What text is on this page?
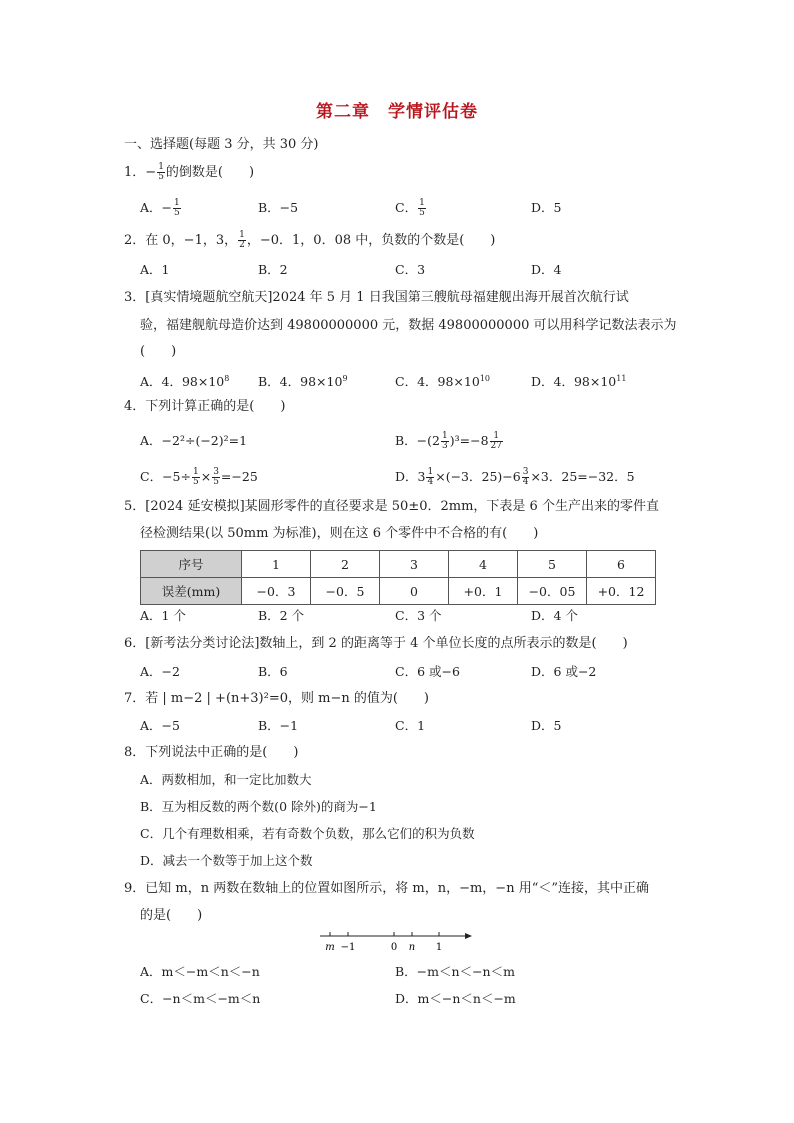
第二章　学情评估卷
一、选择题(每题 3 分，共 30 分)
1．− $\frac{1}{5}$ 的倒数是(　　)
A．− $\frac{1}{5}$	B．−5	C． $\frac{1}{5}$	D．5
2．在 0，−1，3， $\frac{1}{2}$ ，−0．1，0．08 中，负数的个数是(　　)
A．1	B．2	C．3	D．4
3．[真实情境题航空航天]2024 年 5 月 1 日我国第三艘航母福建舰出海开展首次航行试
验，福建舰航母造价达到 49800000000 元，数据 49800000000 可以用科学记数法表示为
(　　)
A．4．$98\times 10^8$ B．4．$98\times 10^9$	C．4．$98\times 10^{10}$	D．4．$98\times 10^{11}$
4．下列计算正确的是(　　)
A．−2²÷(−2)²=1	B．$-(2 \frac{1}{3} )^3=-8 \frac{1}{27}$
C．$-5\div \frac{1}{5} \times \frac{3}{5} =-25$	D．$3 \frac{1}{4} \times(-3$．$25)-6 \frac{3}{4} \times 3$．25=−32．5
5．[2024 延安模拟]某圆形零件的直径要求是 50±0．2mm，下表是 6 个生产出来的零件直
径检测结果(以 50mm 为标准)，则在这 6 个零件中不合格的有(　　)
序号	1	2	3	4	5	6
误差(mm)	−0．3	−0．5	0	+0．1	−0．05	+0．12
A．1 个	B．2 个	C．3 个	D．4 个
6．[新考法分类讨论法]数轴上，到 2 的距离等于 4 个单位长度的点所表示的数是(　　)
A．−2	B．6	C．6 或−6	D．6 或−2
7．若 | m−2 | +(n+3)²=0，则 m−n 的值为(　　)
A．−5	B．−1	C．1	D．5
8．下列说法中正确的是(　　)
A．两数相加，和一定比加数大
B．互为相反数的两个数(0 除外)的商为−1
C．几个有理数相乘，若有奇数个负数，那么它们的积为负数
D．减去一个数等于加上这个数
9．已知 m，n 两数在数轴上的位置如图所示，将 m，n，−m，−n 用“＜”连接，其中正确
的是(　　)
m −1	0 n 1
A．m＜−m＜n＜−n	B．−m＜n＜−n＜m
C．−n＜m＜−m＜n	D．m＜−n＜n＜−m
